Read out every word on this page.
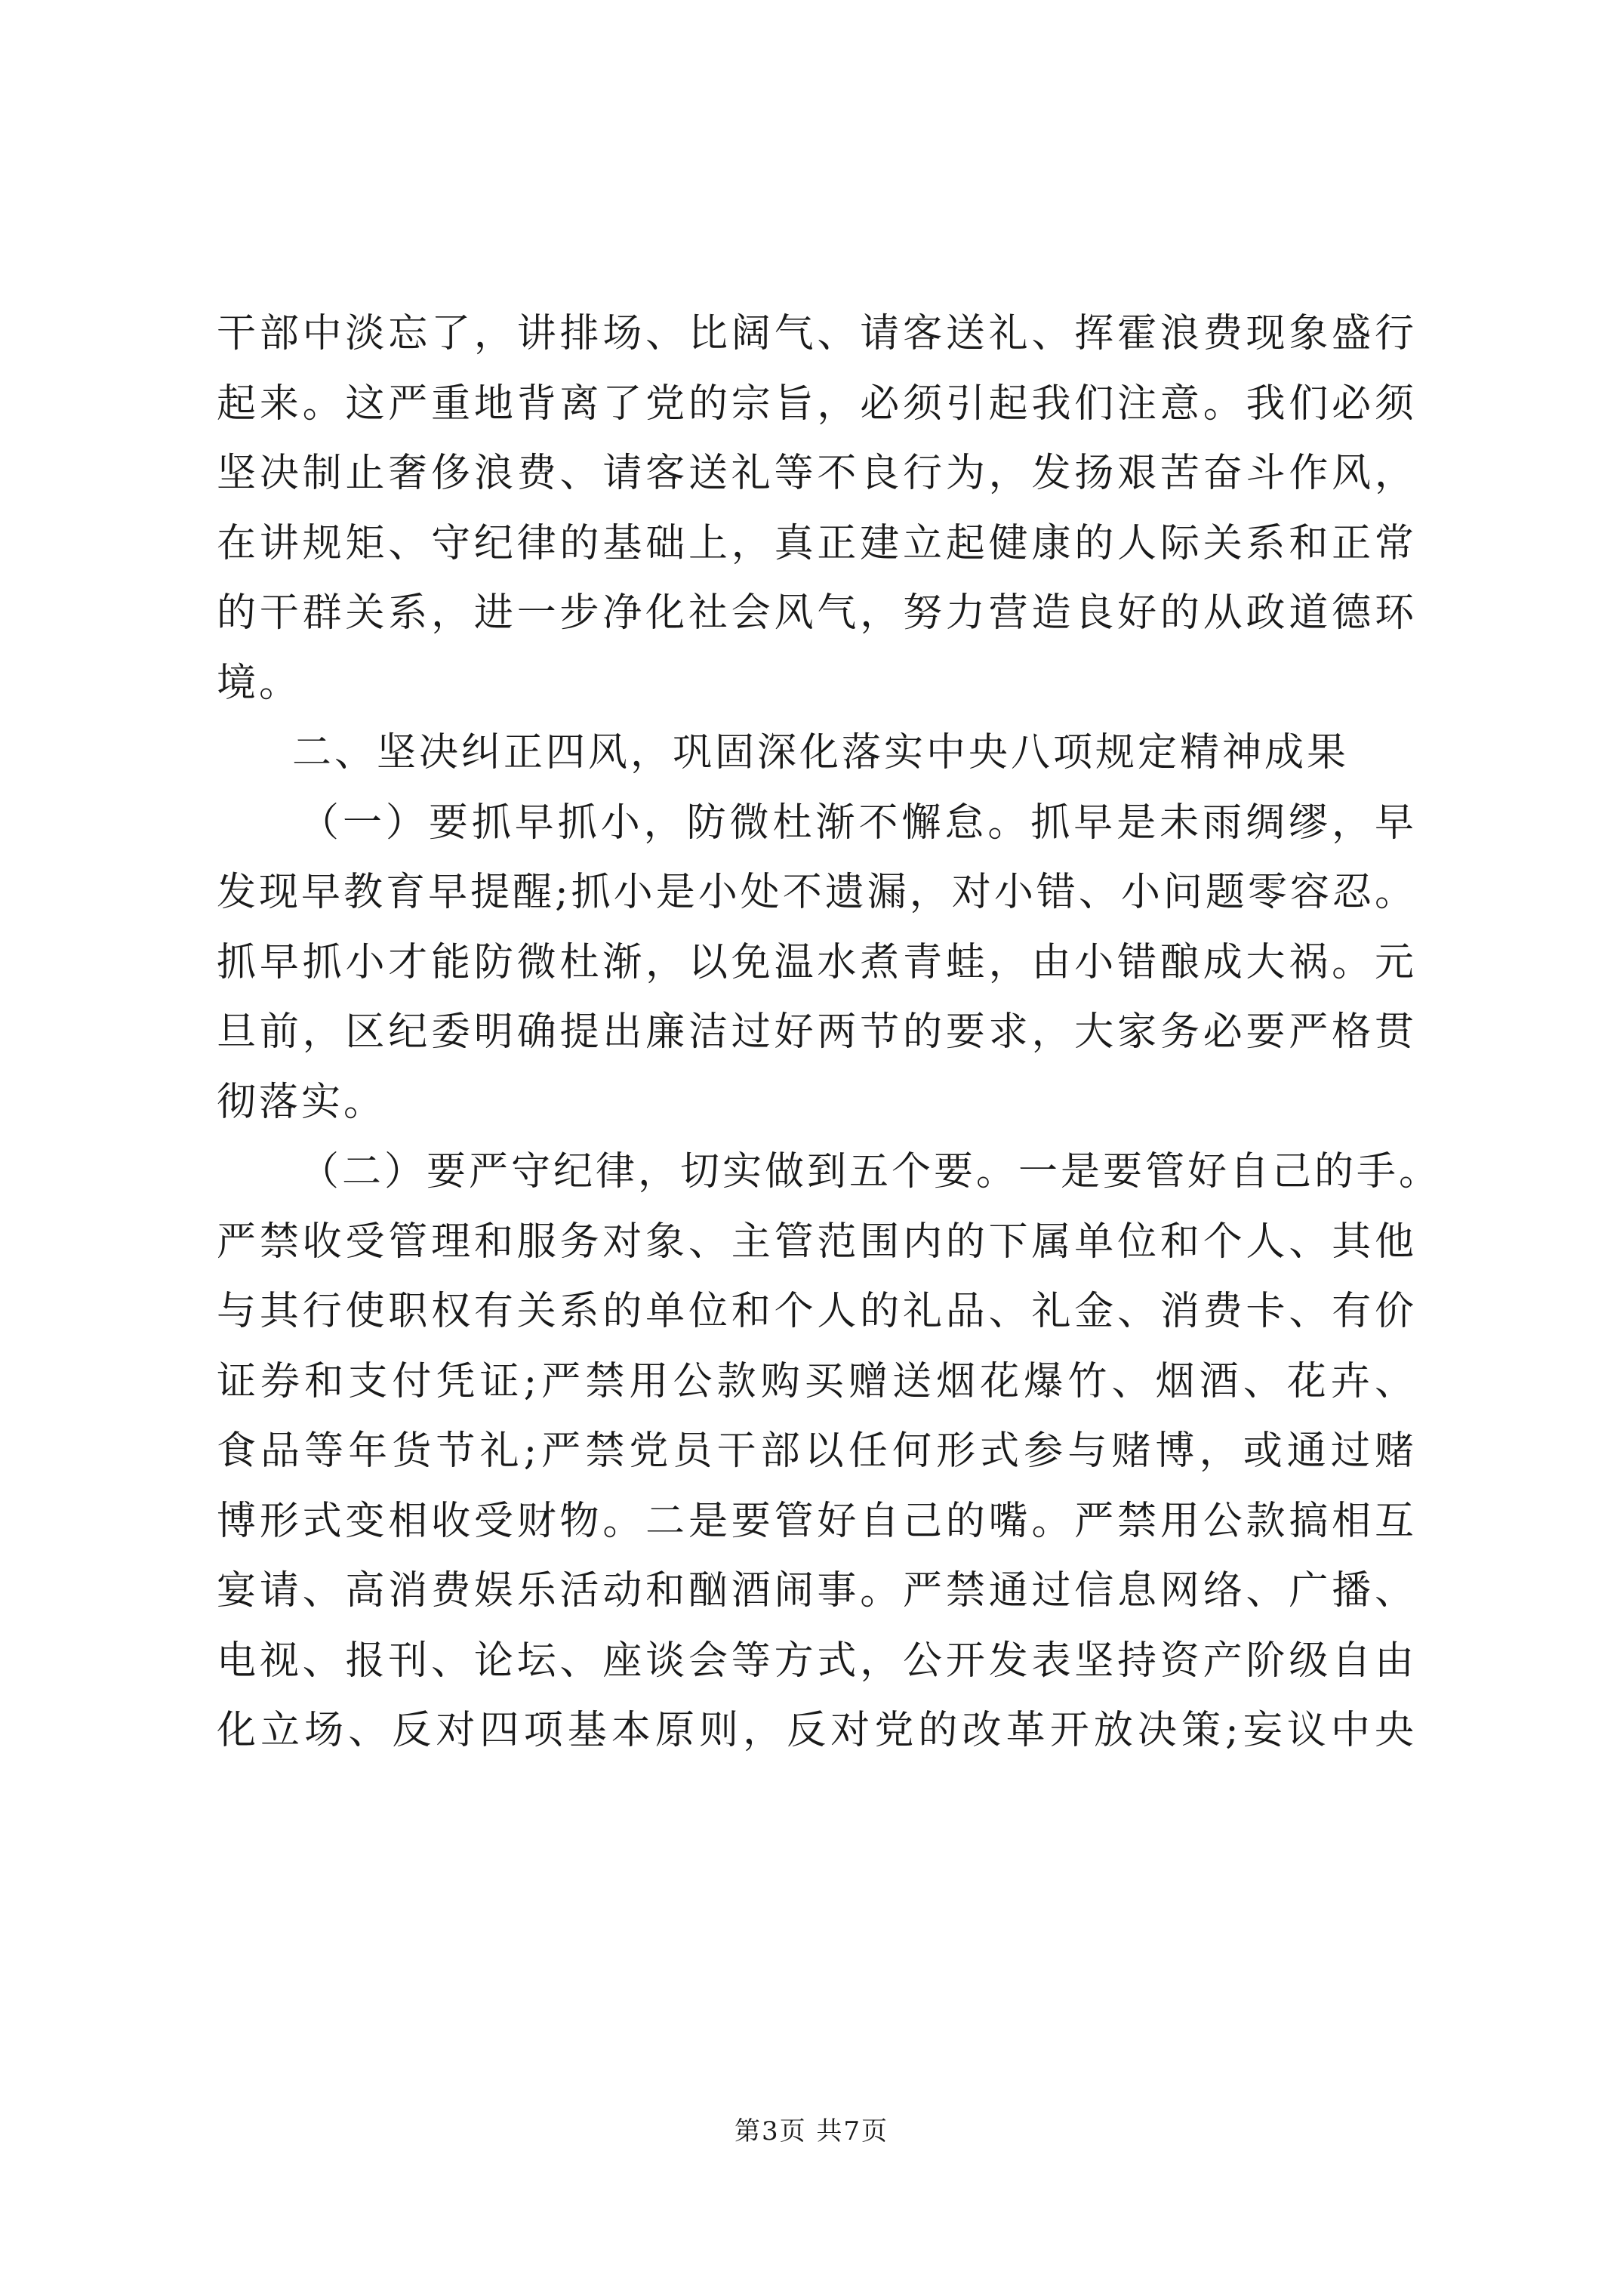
干部中淡忘了，讲排场、比阔气、请客送礼、挥霍浪费现象盛行
起来。这严重地背离了党的宗旨，必须引起我们注意。我们必须
坚决制止奢侈浪费、请客送礼等不良行为，发扬艰苦奋斗作风，
在讲规矩、守纪律的基础上，真正建立起健康的人际关系和正常
的干群关系，进一步净化社会风气，努力营造良好的从政道德环
境。
二、坚决纠正四风，巩固深化落实中央八项规定精神成果
（一）要抓早抓小，防微杜渐不懈怠。抓早是未雨绸缪，早
发现早教育早提醒;抓小是小处不遗漏，对小错、小问题零容忍。
抓早抓小才能防微杜渐，以免温水煮青蛙，由小错酿成大祸。元
旦前，区纪委明确提出廉洁过好两节的要求，大家务必要严格贯
彻落实。
（二）要严守纪律，切实做到五个要。一是要管好自己的手。
严禁收受管理和服务对象、主管范围内的下属单位和个人、其他
与其行使职权有关系的单位和个人的礼品、礼金、消费卡、有价
证券和支付凭证;严禁用公款购买赠送烟花爆竹、烟酒、花卉、
食品等年货节礼;严禁党员干部以任何形式参与赌博，或通过赌
博形式变相收受财物。二是要管好自己的嘴。严禁用公款搞相互
宴请、高消费娱乐活动和酗酒闹事。严禁通过信息网络、广播、
电视、报刊、论坛、座谈会等方式，公开发表坚持资产阶级自由
化立场、反对四项基本原则，反对党的改革开放决策;妄议中央
第3页 共7页
